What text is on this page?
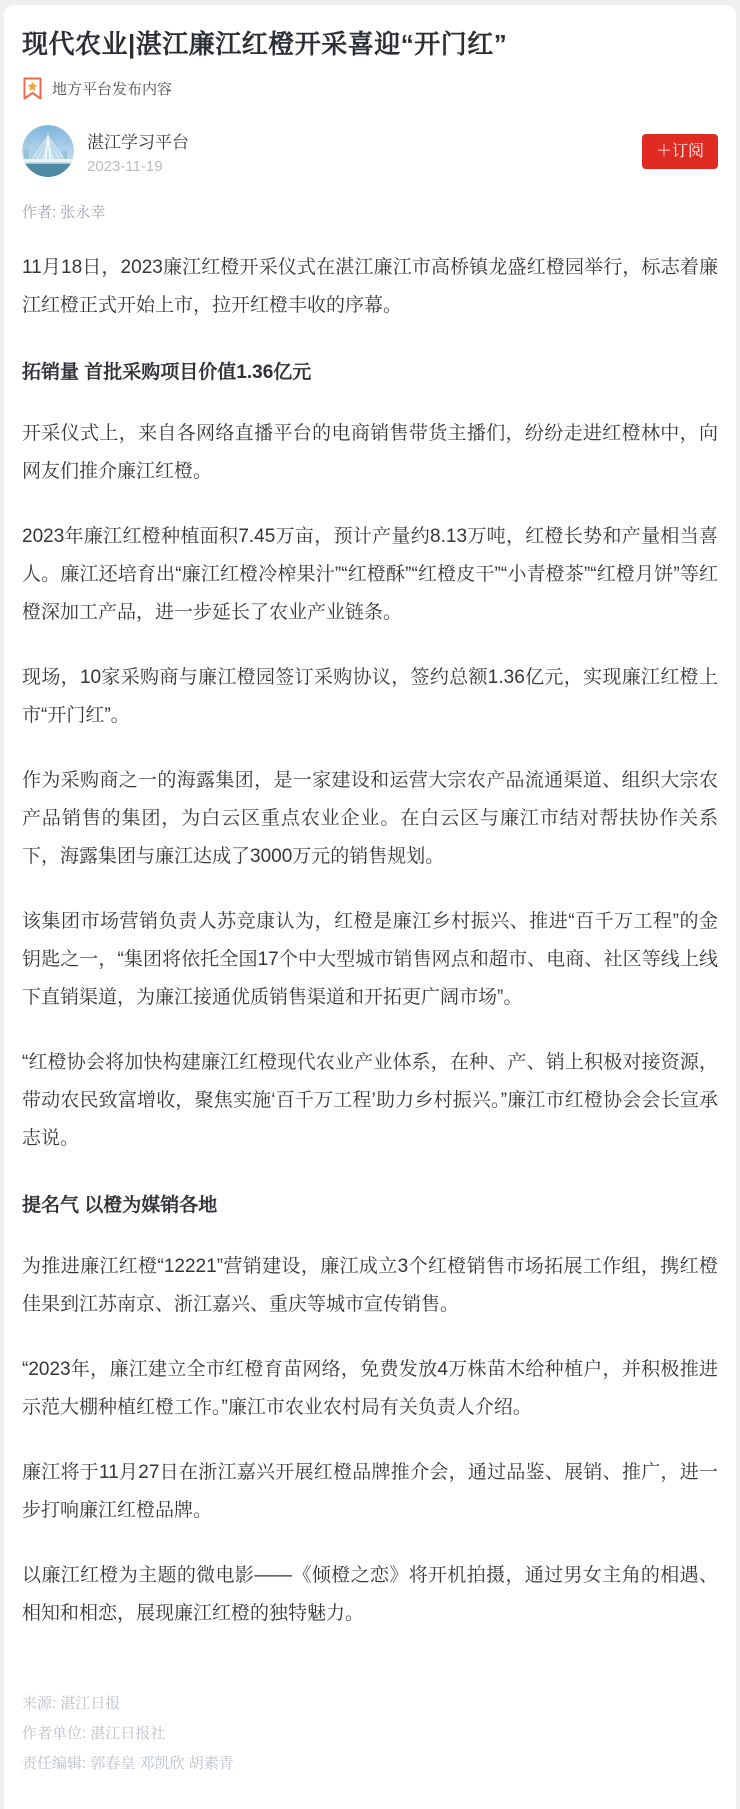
现代农业|湛江廉江红橙开采喜迎“开门红”
地方平台发布内容
湛江学习平台
2023-11-19
＋订阅
作者: 张永幸

11月18日，2023廉江红橙开采仪式在湛江廉江市高桥镇龙盛红橙园举行，标志着廉江红橙正式开始上市，拉开红橙丰收的序幕。

拓销量 首批采购项目价值1.36亿元

开采仪式上，来自各网络直播平台的电商销售带货主播们，纷纷走进红橙林中，向网友们推介廉江红橙。

2023年廉江红橙种植面积7.45万亩，预计产量约8.13万吨，红橙长势和产量相当喜人。廉江还培育出“廉江红橙冷榨果汁”“红橙酥”“红橙皮干”“小青橙茶”“红橙月饼”等红橙深加工产品，进一步延长了农业产业链条。

现场，10家采购商与廉江橙园签订采购协议，签约总额1.36亿元，实现廉江红橙上市“开门红”。

作为采购商之一的海露集团，是一家建设和运营大宗农产品流通渠道、组织大宗农产品销售的集团，为白云区重点农业企业。在白云区与廉江市结对帮扶协作关系下，海露集团与廉江达成了3000万元的销售规划。

该集团市场营销负责人苏竞康认为，红橙是廉江乡村振兴、推进“百千万工程”的金钥匙之一，“集团将依托全国17个中大型城市销售网点和超市、电商、社区等线上线下直销渠道，为廉江接通优质销售渠道和开拓更广阔市场”。

“红橙协会将加快构建廉江红橙现代农业产业体系，在种、产、销上积极对接资源，带动农民致富增收，聚焦实施‘百千万工程’助力乡村振兴。”廉江市红橙协会会长宣承志说。

提名气 以橙为媒销各地

为推进廉江红橙“12221”营销建设，廉江成立3个红橙销售市场拓展工作组，携红橙佳果到江苏南京、浙江嘉兴、重庆等城市宣传销售。

“2023年，廉江建立全市红橙育苗网络，免费发放4万株苗木给种植户，并积极推进示范大棚种植红橙工作。”廉江市农业农村局有关负责人介绍。

廉江将于11月27日在浙江嘉兴开展红橙品牌推介会，通过品鉴、展销、推广，进一步打响廉江红橙品牌。

以廉江红橙为主题的微电影——《倾橙之恋》将开机拍摄，通过男女主角的相遇、相知和相恋，展现廉江红橙的独特魅力。

来源: 湛江日报

作者单位: 湛江日报社

责任编辑: 郭春皇 邓凯欣 胡素青
